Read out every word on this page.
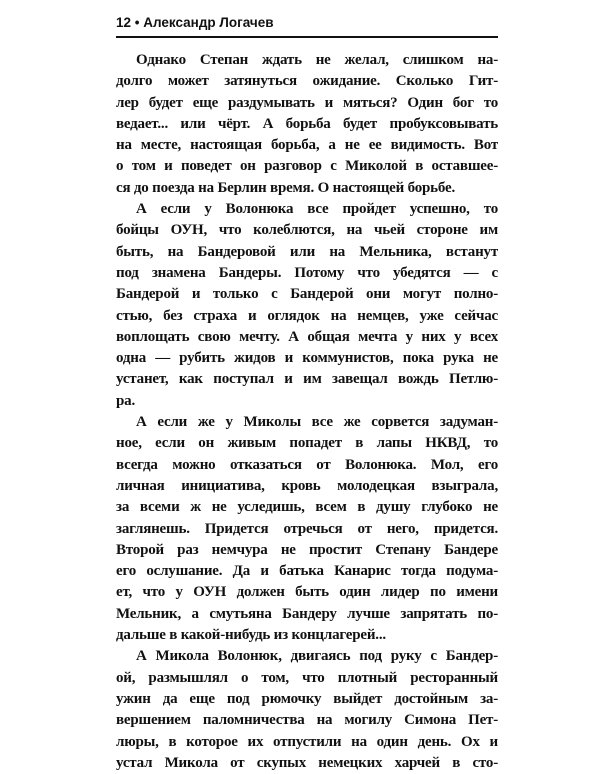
12 • Александр Логачев
Однако Степан ждать не желал, слишком на-
долго может затянуться ожидание. Сколько Гит-
лер будет еще раздумывать и мяться? Один бог то
ведает... или чёрт. А борьба будет пробуксовывать
на месте, настоящая борьба, а не ее видимость. Вот
о том и поведет он разговор с Миколой в оставшее-
ся до поезда на Берлин время. О настоящей борьбе.
А если у Волонюка все пройдет успешно, то
бойцы ОУН, что колеблются, на чьей стороне им
быть, на Бандеровой или на Мельника, встанут
под знамена Бандеры. Потому что убедятся — с
Бандерой и только с Бандерой они могут полно-
стью, без страха и оглядок на немцев, уже сейчас
воплощать свою мечту. А общая мечта у них у всех
одна — рубить жидов и коммунистов, пока рука не
устанет, как поступал и им завещал вождь Петлю-
ра.
А если же у Миколы все же сорвется задуман-
ное, если он живым попадет в лапы НКВД, то
всегда можно отказаться от Волонюка. Мол, его
личная инициатива, кровь молодецкая взыграла,
за всеми ж не уследишь, всем в душу глубоко не
заглянешь. Придется отречься от него, придется.
Второй раз немчура не простит Степану Бандере
его ослушание. Да и батька Канарис тогда подума-
ет, что у ОУН должен быть один лидер по имени
Мельник, а смутьяна Бандеру лучше запрятать по-
дальше в какой-нибудь из концлагерей...
А Микола Волонюк, двигаясь под руку с Бандер-
ой, размышлял о том, что плотный ресторанный
ужин да еще под рюмочку выйдет достойным за-
вершением паломничества на могилу Симона Пет-
люры, в которое их отпустили на один день. Ох и
устал Микола от скупых немецких харчей в сто-
